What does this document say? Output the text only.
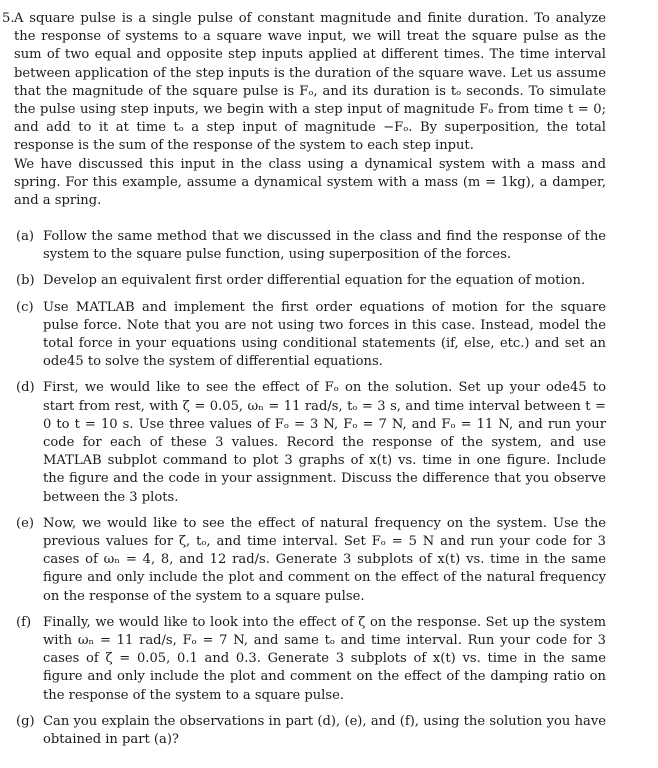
5. A square pulse is a single pulse of constant magnitude and finite duration. To analyze the response of systems to a square wave input, we will treat the square pulse as the sum of two equal and opposite step inputs applied at different times. The time interval between application of the step inputs is the duration of the square wave. Let us assume that the magnitude of the square pulse is Fₒ, and its duration is tₒ seconds. To simulate the pulse using step inputs, we begin with a step input of magnitude Fₒ from time t = 0; and add to it at time tₒ a step input of magnitude −Fₒ. By superposition, the total response is the sum of the response of the system to each step input.

We have discussed this input in the class using a dynamical system with a mass and spring. For this example, assume a dynamical system with a mass (m = 1kg), a damper, and a spring.

(a) Follow the same method that we discussed in the class and find the response of the system to the square pulse function, using superposition of the forces.
(b) Develop an equivalent first order differential equation for the equation of motion.
(c) Use MATLAB and implement the first order equations of motion for the square pulse force. Note that you are not using two forces in this case. Instead, model the total force in your equations using conditional statements (if, else, etc.) and set an ode45 to solve the system of differential equations.
(d) First, we would like to see the effect of Fₒ on the solution. Set up your ode45 to start from rest, with ζ = 0.05, ωₙ = 11 rad/s, tₒ = 3 s, and time interval between t = 0 to t = 10 s. Use three values of Fₒ = 3 N, Fₒ = 7 N, and Fₒ = 11 N, and run your code for each of these 3 values. Record the response of the system, and use MATLAB subplot command to plot 3 graphs of x(t) vs. time in one figure. Include the figure and the code in your assignment. Discuss the difference that you observe between the 3 plots.
(e) Now, we would like to see the effect of natural frequency on the system. Use the previous values for ζ, tₒ, and time interval. Set Fₒ = 5 N and run your code for 3 cases of ωₙ = 4, 8, and 12 rad/s. Generate 3 subplots of x(t) vs. time in the same figure and only include the plot and comment on the effect of the natural frequency on the response of the system to a square pulse.
(f) Finally, we would like to look into the effect of ζ on the response. Set up the system with ωₙ = 11 rad/s, Fₒ = 7 N, and same tₒ and time interval. Run your code for 3 cases of ζ = 0.05, 0.1 and 0.3. Generate 3 subplots of x(t) vs. time in the same figure and only include the plot and comment on the effect of the damping ratio on the response of the system to a square pulse.
(g) Can you explain the observations in part (d), (e), and (f), using the solution you have obtained in part (a)?
